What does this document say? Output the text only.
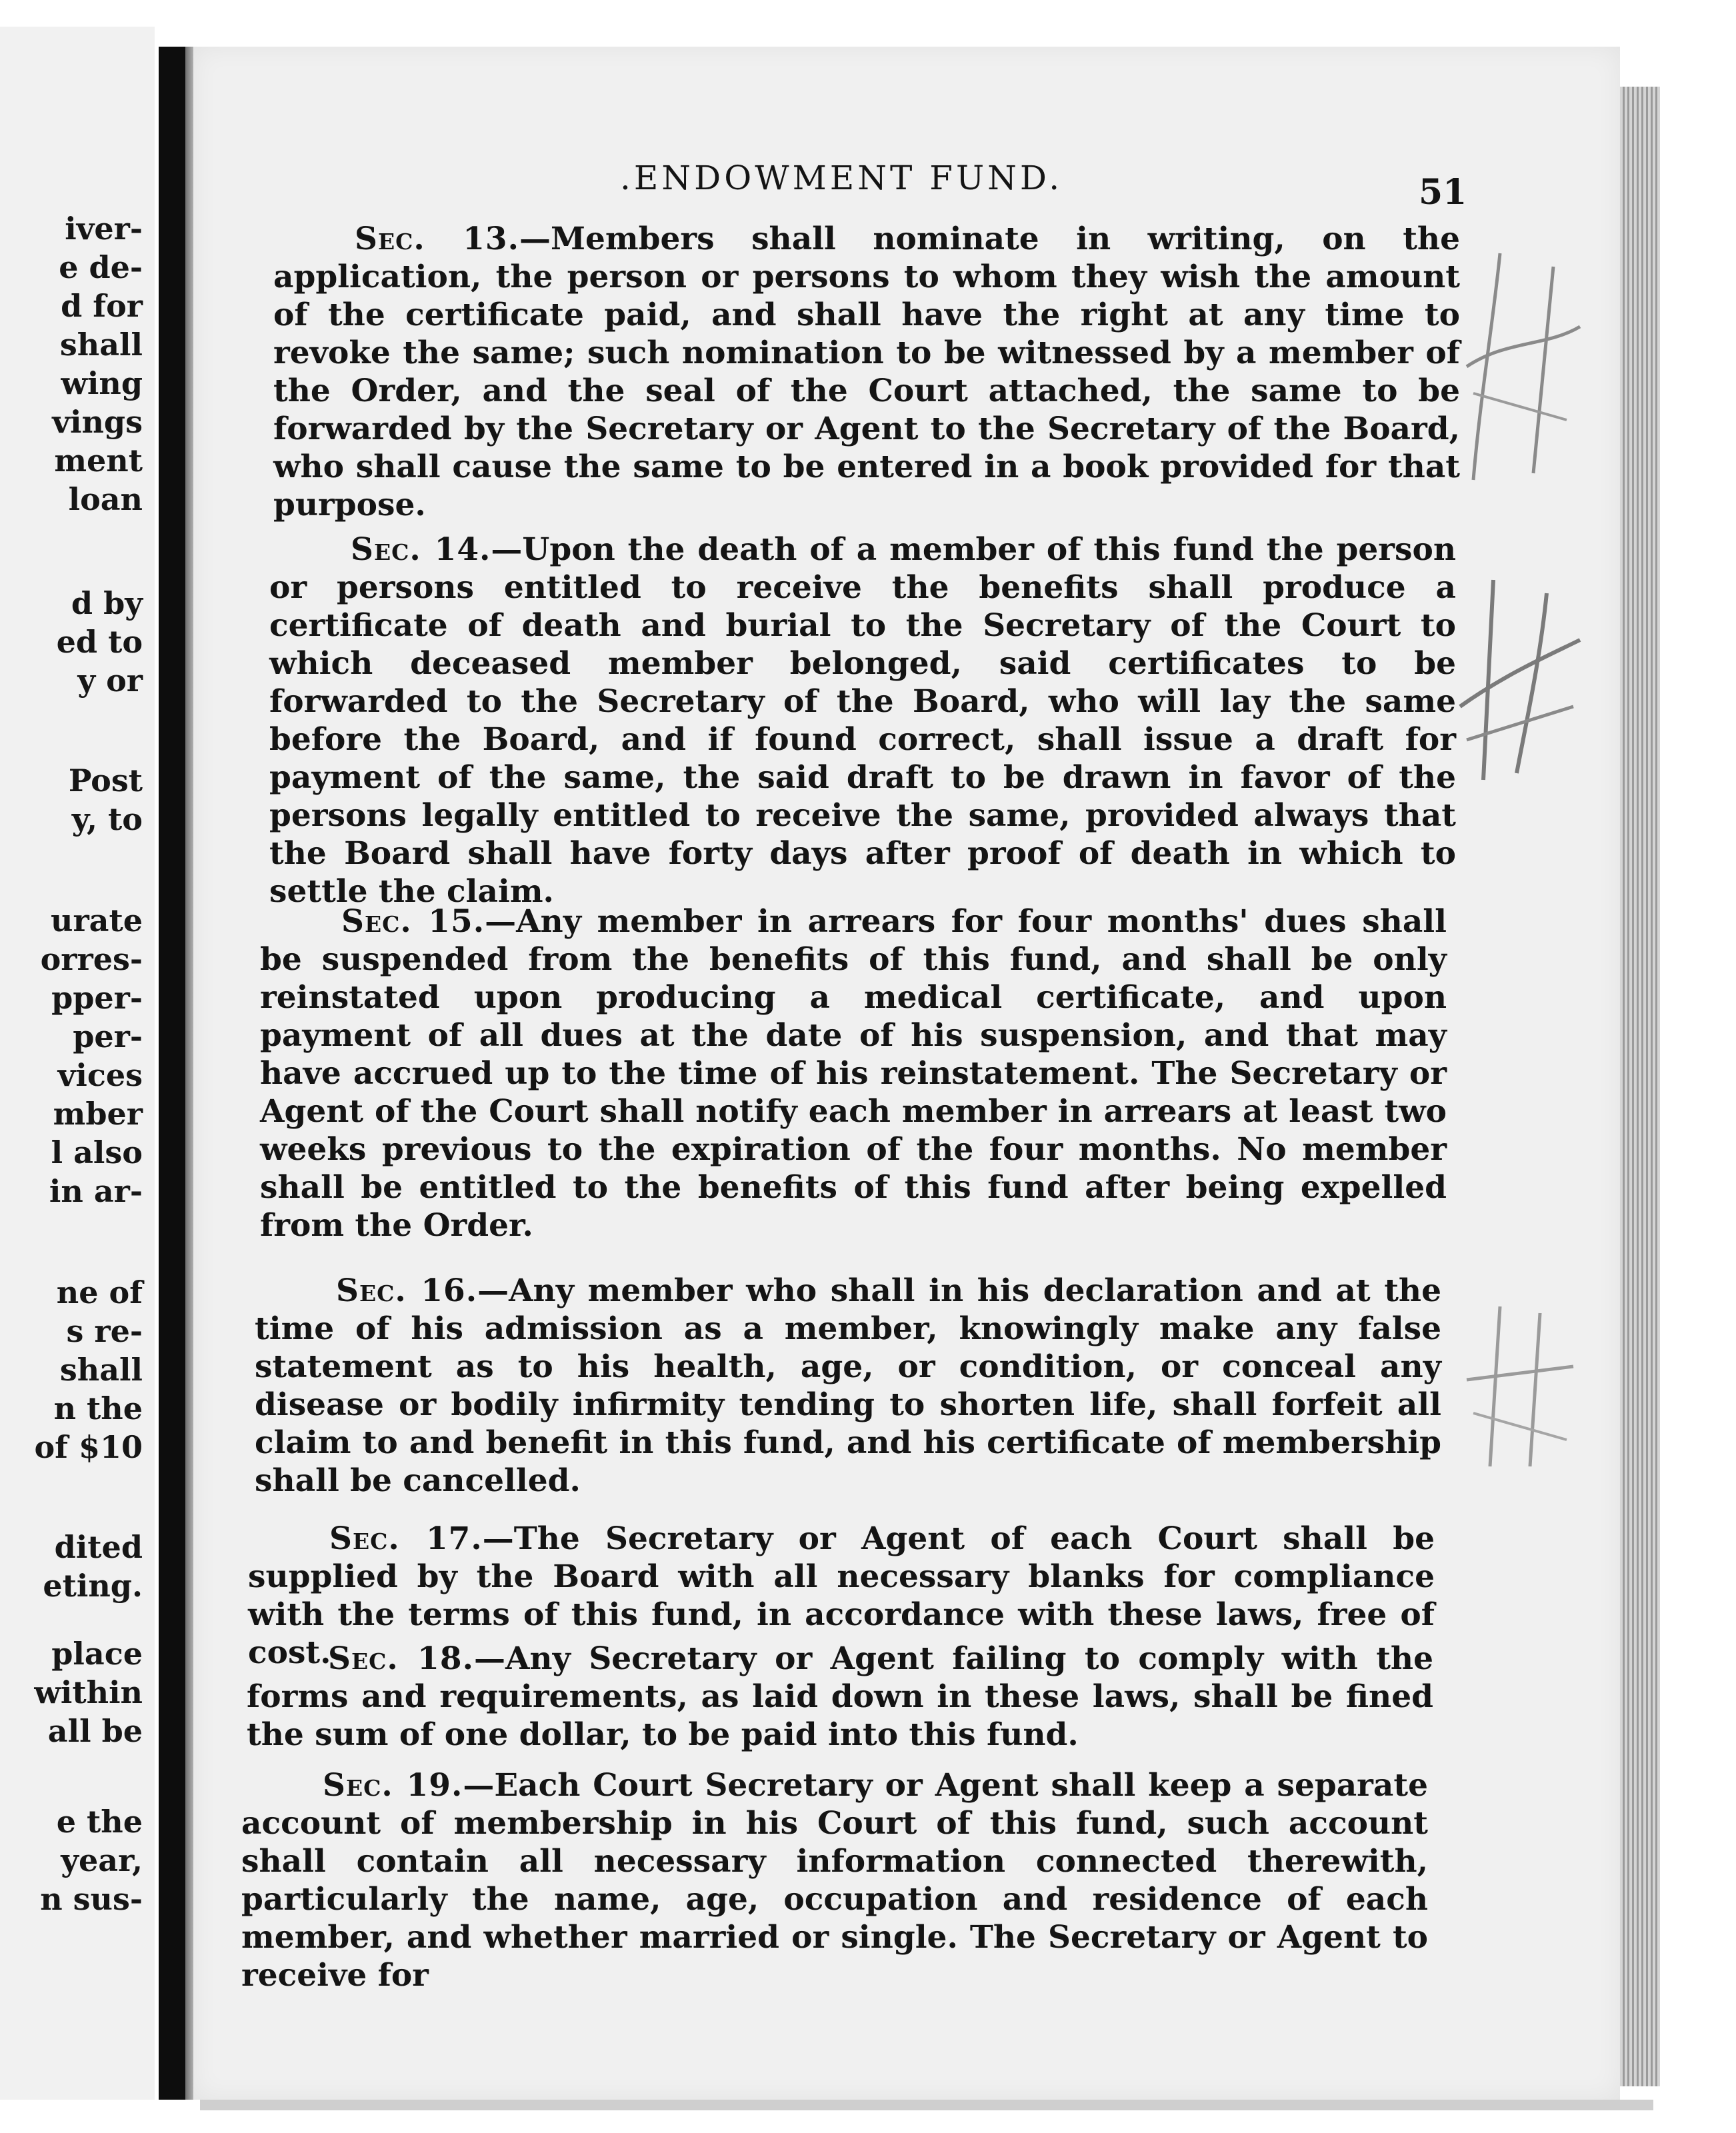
iver-
e de-
d for
shall
wing
vings
ment
loan
d by
ed to
y or
Post
y, to
urate
orres-
pper-
per-
vices
mber
l also
in ar-
ne of
s re-
shall
n the
of $10
dited
eting.
place
within
all be
e the
year,
n sus-
.ENDOWMENT FUND.	51

Sec. 13.—Members shall nominate in writing, on the application, the person or persons to whom they wish the amount of the certificate paid, and shall have the right at any time to revoke the same; such nomination to be witnessed by a member of the Order, and the seal of the Court attached, the same to be forwarded by the Secretary or Agent to the Secretary of the Board, who shall cause the same to be entered in a book provided for that purpose.

Sec. 14.—Upon the death of a member of this fund the person or persons entitled to receive the benefits shall produce a certificate of death and burial to the Secretary of the Court to which deceased member belonged, said certificates to be forwarded to the Secretary of the Board, who will lay the same before the Board, and if found correct, shall issue a draft for payment of the same, the said draft to be drawn in favor of the persons legally entitled to receive the same, provided always that the Board shall have forty days after proof of death in which to settle the claim.

Sec. 15.—Any member in arrears for four months' dues shall be suspended from the benefits of this fund, and shall be only reinstated upon producing a medical certificate, and upon payment of all dues at the date of his suspension, and that may have accrued up to the time of his reinstatement. The Secretary or Agent of the Court shall notify each member in arrears at least two weeks previous to the expiration of the four months. No member shall be entitled to the benefits of this fund after being expelled from the Order.

Sec. 16.—Any member who shall in his declaration and at the time of his admission as a member, knowingly make any false statement as to his health, age, or condition, or conceal any disease or bodily infirmity tending to shorten life, shall forfeit all claim to and benefit in this fund, and his certificate of membership shall be cancelled.

Sec. 17.—The Secretary or Agent of each Court shall be supplied by the Board with all necessary blanks for compliance with the terms of this fund, in accordance with these laws, free of cost.

Sec. 18.—Any Secretary or Agent failing to comply with the forms and requirements, as laid down in these laws, shall be fined the sum of one dollar, to be paid into this fund.

Sec. 19.—Each Court Secretary or Agent shall keep a separate account of membership in his Court of this fund, such account shall contain all necessary information connected therewith, particularly the name, age, occupation and residence of each member, and whether married or single. The Secretary or Agent to receive for
